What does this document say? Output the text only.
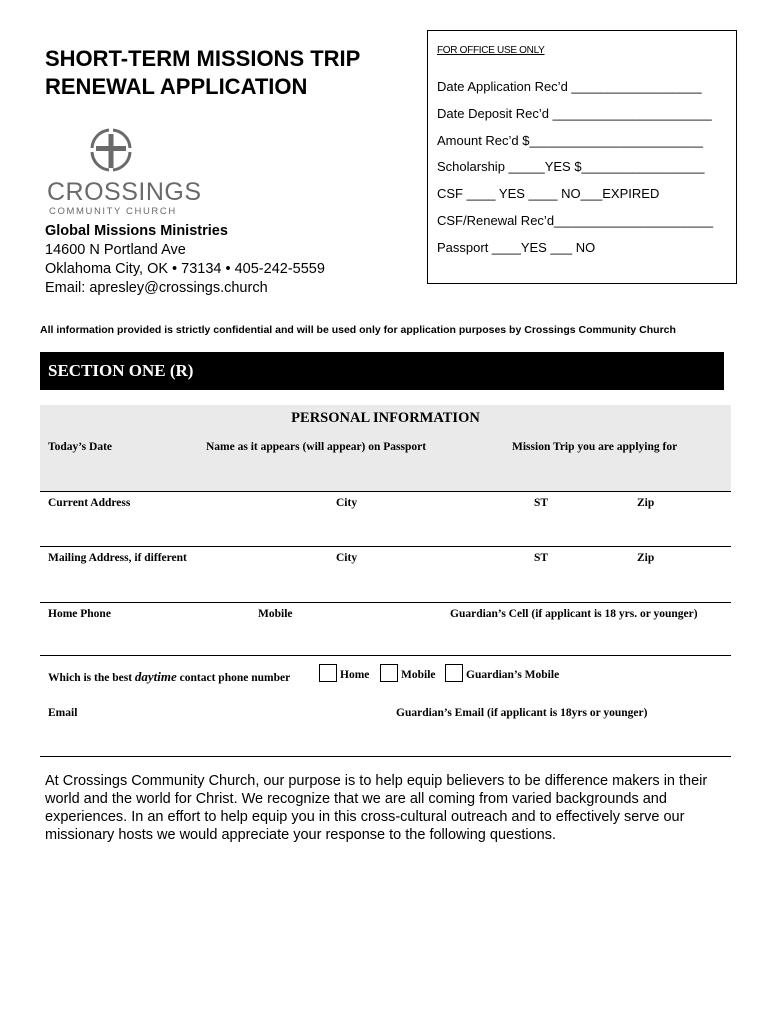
SHORT-TERM MISSIONS TRIP
RENEWAL APPLICATION
CROSSINGS
COMMUNITY CHURCH
Global Missions Ministries
14600 N Portland Ave
Oklahoma City, OK • 73134 • 405-242-5559
Email: apresley@crossings.church
FOR OFFICE USE ONLY
Date Application Rec’d __________________
Date Deposit Rec’d ______________________
Amount Rec’d $________________________
Scholarship _____YES $_________________
CSF ____ YES ____ NO___EXPIRED
CSF/Renewal Rec’d______________________
Passport ____YES ___ NO
All information provided is strictly confidential and will be used only for application purposes by Crossings Community Church
SECTION ONE (R)
PERSONAL INFORMATION
Today’s Date	Name as it appears (will appear) on Passport	Mission Trip you are applying for
Current Address	City	ST	Zip
Mailing Address, if different	City	ST	Zip
Home Phone	Mobile	Guardian’s Cell (if applicant is 18 yrs. or younger)
Which is the best daytime contact phone number	Home	Mobile	Guardian’s Mobile
Email	Guardian’s Email (if applicant is 18yrs or younger)
At Crossings Community Church, our purpose is to help equip believers to be difference makers in their world and the world for Christ. We recognize that we are all coming from varied backgrounds and experiences. In an effort to help equip you in this cross-cultural outreach and to effectively serve our missionary hosts we would appreciate your response to the following questions.
